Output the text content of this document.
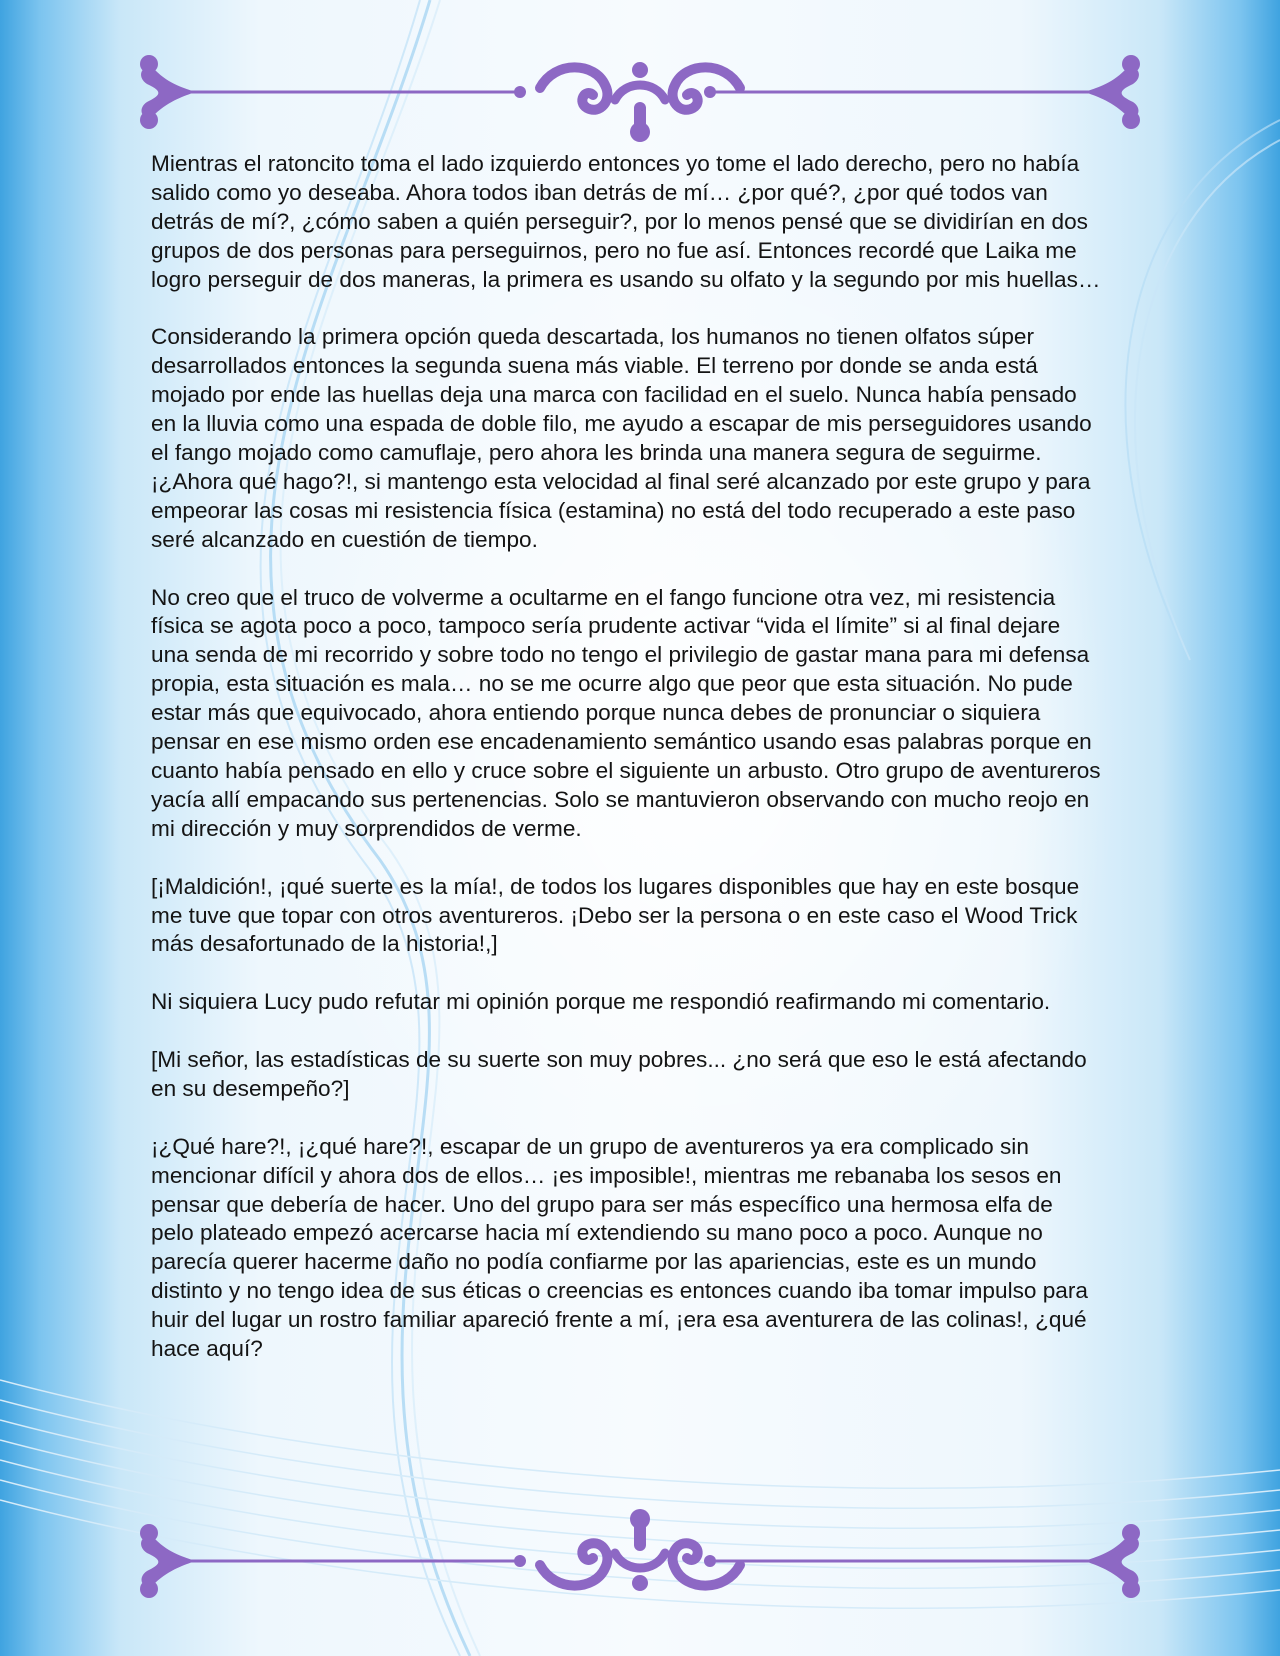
Mientras el ratoncito toma el lado izquierdo entonces yo tome el lado derecho, pero no había salido como yo deseaba. Ahora todos iban detrás de mí… ¿por qué?, ¿por qué todos van detrás de mí?, ¿cómo saben a quién perseguir?, por lo menos pensé que se dividirían en dos grupos de dos personas para perseguirnos, pero no fue así. Entonces recordé que Laika me logro perseguir de dos maneras, la primera es usando su olfato y la segundo por mis huellas…

Considerando la primera opción queda descartada, los humanos no tienen olfatos súper desarrollados entonces la segunda suena más viable. El terreno por donde se anda está mojado por ende las huellas deja una marca con facilidad en el suelo. Nunca había pensado en la lluvia como una espada de doble filo, me ayudo a escapar de mis perseguidores usando el fango mojado como camuflaje, pero ahora les brinda una manera segura de seguirme. ¡¿Ahora qué hago?!, si mantengo esta velocidad al final seré alcanzado por este grupo y para empeorar las cosas mi resistencia física (estamina) no está del todo recuperado a este paso seré alcanzado en cuestión de tiempo.

No creo que el truco de volverme a ocultarme en el fango funcione otra vez, mi resistencia física se agota poco a poco, tampoco sería prudente activar “vida el límite” si al final dejare una senda de mi recorrido y sobre todo no tengo el privilegio de gastar mana para mi defensa propia, esta situación es mala… no se me ocurre algo que peor que esta situación. No pude estar más que equivocado, ahora entiendo porque nunca debes de pronunciar o siquiera pensar en ese mismo orden ese encadenamiento semántico usando esas palabras porque en cuanto había pensado en ello y cruce sobre el siguiente un arbusto. Otro grupo de aventureros yacía allí empacando sus pertenencias. Solo se mantuvieron observando con mucho reojo en mi dirección y muy sorprendidos de verme.

[¡Maldición!, ¡qué suerte es la mía!, de todos los lugares disponibles que hay en este bosque me tuve que topar con otros aventureros. ¡Debo ser la persona o en este caso el Wood Trick más desafortunado de la historia!,]

Ni siquiera Lucy pudo refutar mi opinión porque me respondió reafirmando mi comentario.

[Mi señor, las estadísticas de su suerte son muy pobres... ¿no será que eso le está afectando en su desempeño?]

¡¿Qué hare?!, ¡¿qué hare?!, escapar de un grupo de aventureros ya era complicado sin mencionar difícil y ahora dos de ellos… ¡es imposible!, mientras me rebanaba los sesos en pensar que debería de hacer. Uno del grupo para ser más específico una hermosa elfa de pelo plateado empezó acercarse hacia mí extendiendo su mano poco a poco. Aunque no parecía querer hacerme daño no podía confiarme por las apariencias, este es un mundo distinto y no tengo idea de sus éticas o creencias es entonces cuando iba tomar impulso para huir del lugar un rostro familiar apareció frente a mí, ¡era esa aventurera de las colinas!, ¿qué hace aquí?
